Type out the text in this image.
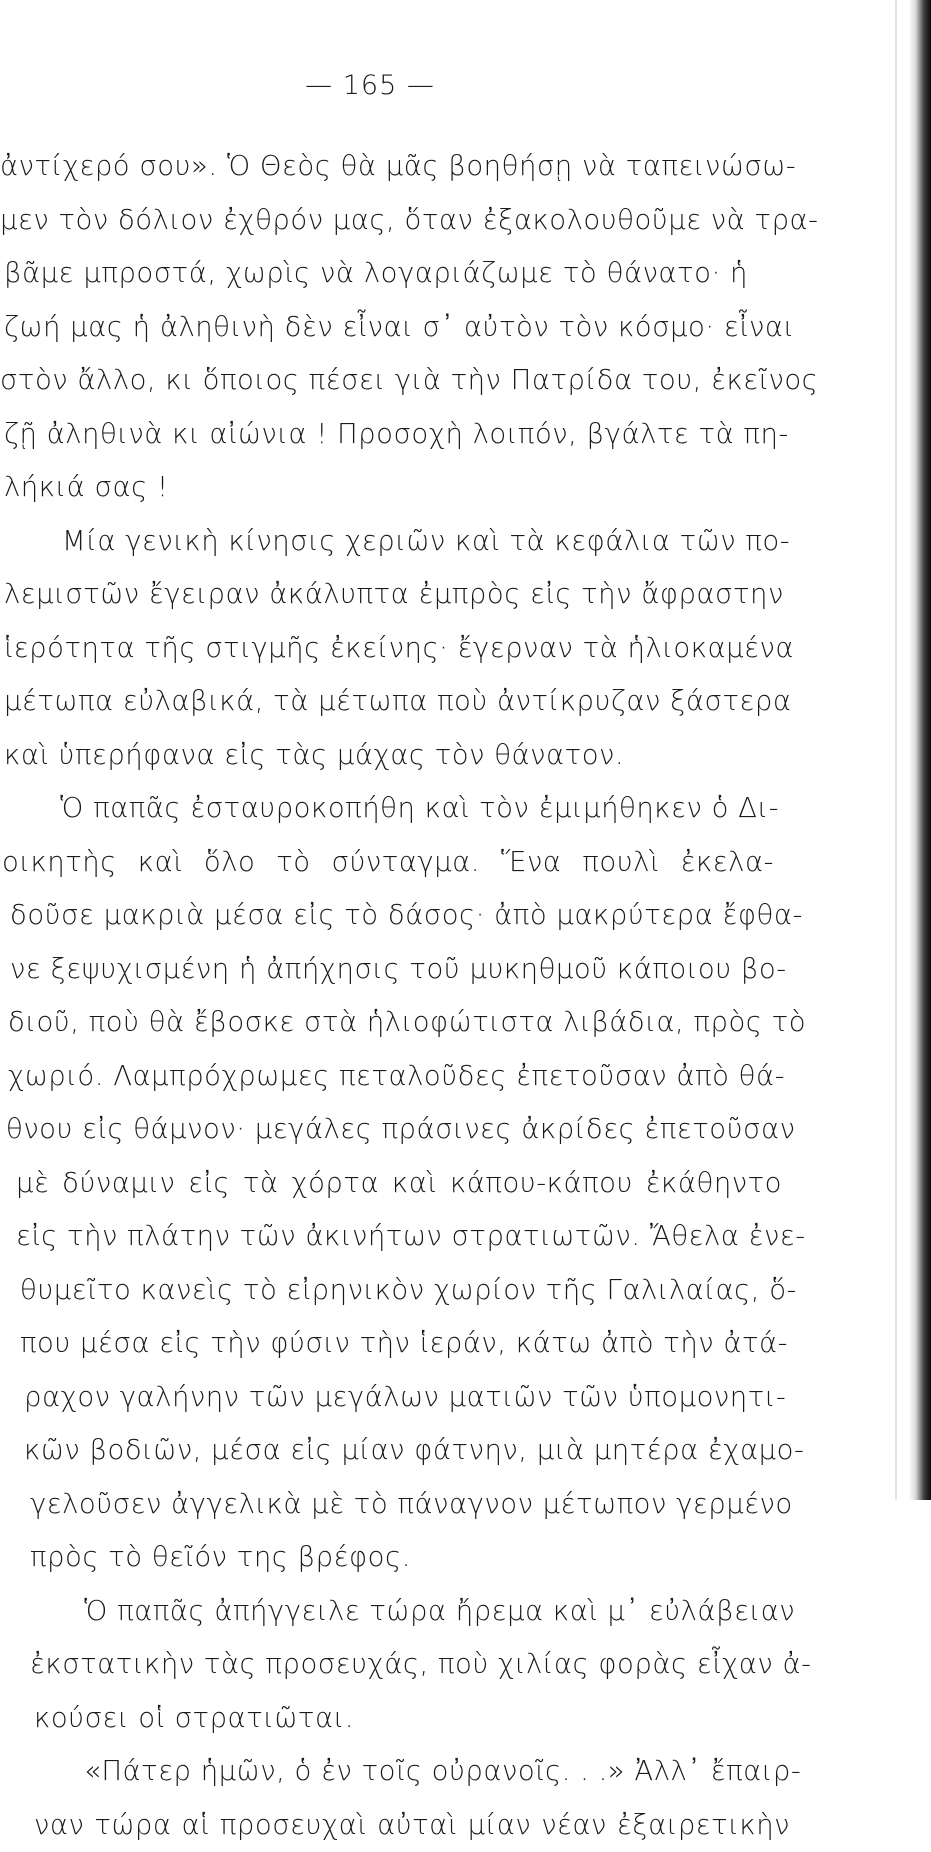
— 165 —
ἀντίχερό σου». Ὁ Θεὸς θὰ μᾶς βοηθήσῃ νὰ ταπεινώσω-
μεν τὸν δόλιον ἐχθρόν μας, ὅταν ἐξακολουθοῦμε νὰ τρα-
βᾶμε μπροστά, χωρὶς νὰ λογαριάζωμε τὸ θάνατο· ἡ
ζωή μας ἡ ἀληθινὴ δὲν εἶναι σ᾽ αὐτὸν τὸν κόσμο· εἶναι
στὸν ἄλλο, κι ὅποιος πέσει γιὰ τὴν Πατρίδα του, ἐκεῖνος
ζῇ ἀληθινὰ κι αἰώνια ! Προσοχὴ λοιπόν, βγάλτε τὰ πη-
λήκιά σας !
Μία γενικὴ κίνησις χεριῶν καὶ τὰ κεφάλια τῶν πο-
λεμιστῶν ἔγειραν ἀκάλυπτα ἐμπρὸς εἰς τὴν ἄφραστην
ἱερότητα τῆς στιγμῆς ἐκείνης· ἔγερναν τὰ ἡλιοκαμένα
μέτωπα εὐλαβικά, τὰ μέτωπα ποὺ ἀντίκρυζαν ξάστερα
καὶ ὑπερήφανα εἰς τὰς μάχας τὸν θάνατον.
Ὁ παπᾶς ἐσταυροκοπήθη καὶ τὸν ἐμιμήθηκεν ὁ Δι-
οικητὴς καὶ ὅλο τὸ σύνταγμα. Ἕνα πουλὶ ἐκελα-
δοῦσε μακριὰ μέσα εἰς τὸ δάσος· ἀπὸ μακρύτερα ἔφθα-
νε ξεψυχισμένη ἡ ἀπήχησις τοῦ μυκηθμοῦ κάποιου βο-
διοῦ, ποὺ θὰ ἔβοσκε στὰ ἡλιοφώτιστα λιβάδια, πρὸς τὸ
χωριό. Λαμπρόχρωμες πεταλοῦδες ἐπετοῦσαν ἀπὸ θά-
θνου εἰς θάμνον· μεγάλες πράσινες ἀκρίδες ἐπετοῦσαν
μὲ δύναμιν εἰς τὰ χόρτα καὶ κάπου-κάπου ἐκάθηντο
εἰς τὴν πλάτην τῶν ἀκινήτων στρατιωτῶν. Ἄθελα ἐνε-
θυμεῖτο κανεὶς τὸ εἰρηνικὸν χωρίον τῆς Γαλιλαίας, ὅ-
που μέσα εἰς τὴν φύσιν τὴν ἱεράν, κάτω ἀπὸ τὴν ἀτά-
ραχον γαλήνην τῶν μεγάλων ματιῶν τῶν ὑπομονητι-
κῶν βοδιῶν, μέσα εἰς μίαν φάτνην, μιὰ μητέρα ἐχαμο-
γελοῦσεν ἀγγελικὰ μὲ τὸ πάναγνον μέτωπον γερμένο
πρὸς τὸ θεῖόν της βρέφος.
Ὁ παπᾶς ἀπήγγειλε τώρα ἤρεμα καὶ μ᾽ εὐλάβειαν
ἐκστατικὴν τὰς προσευχάς, ποὺ χιλίας φορὰς εἶχαν ἀ-
κούσει οἱ στρατιῶται.
«Πάτερ ἡμῶν, ὁ ἐν τοῖς οὐρανοῖς. . .» Ἀλλ᾽ ἔπαιρ-
ναν τώρα αἱ προσευχαὶ αὐταὶ μίαν νέαν ἐξαιρετικὴν
